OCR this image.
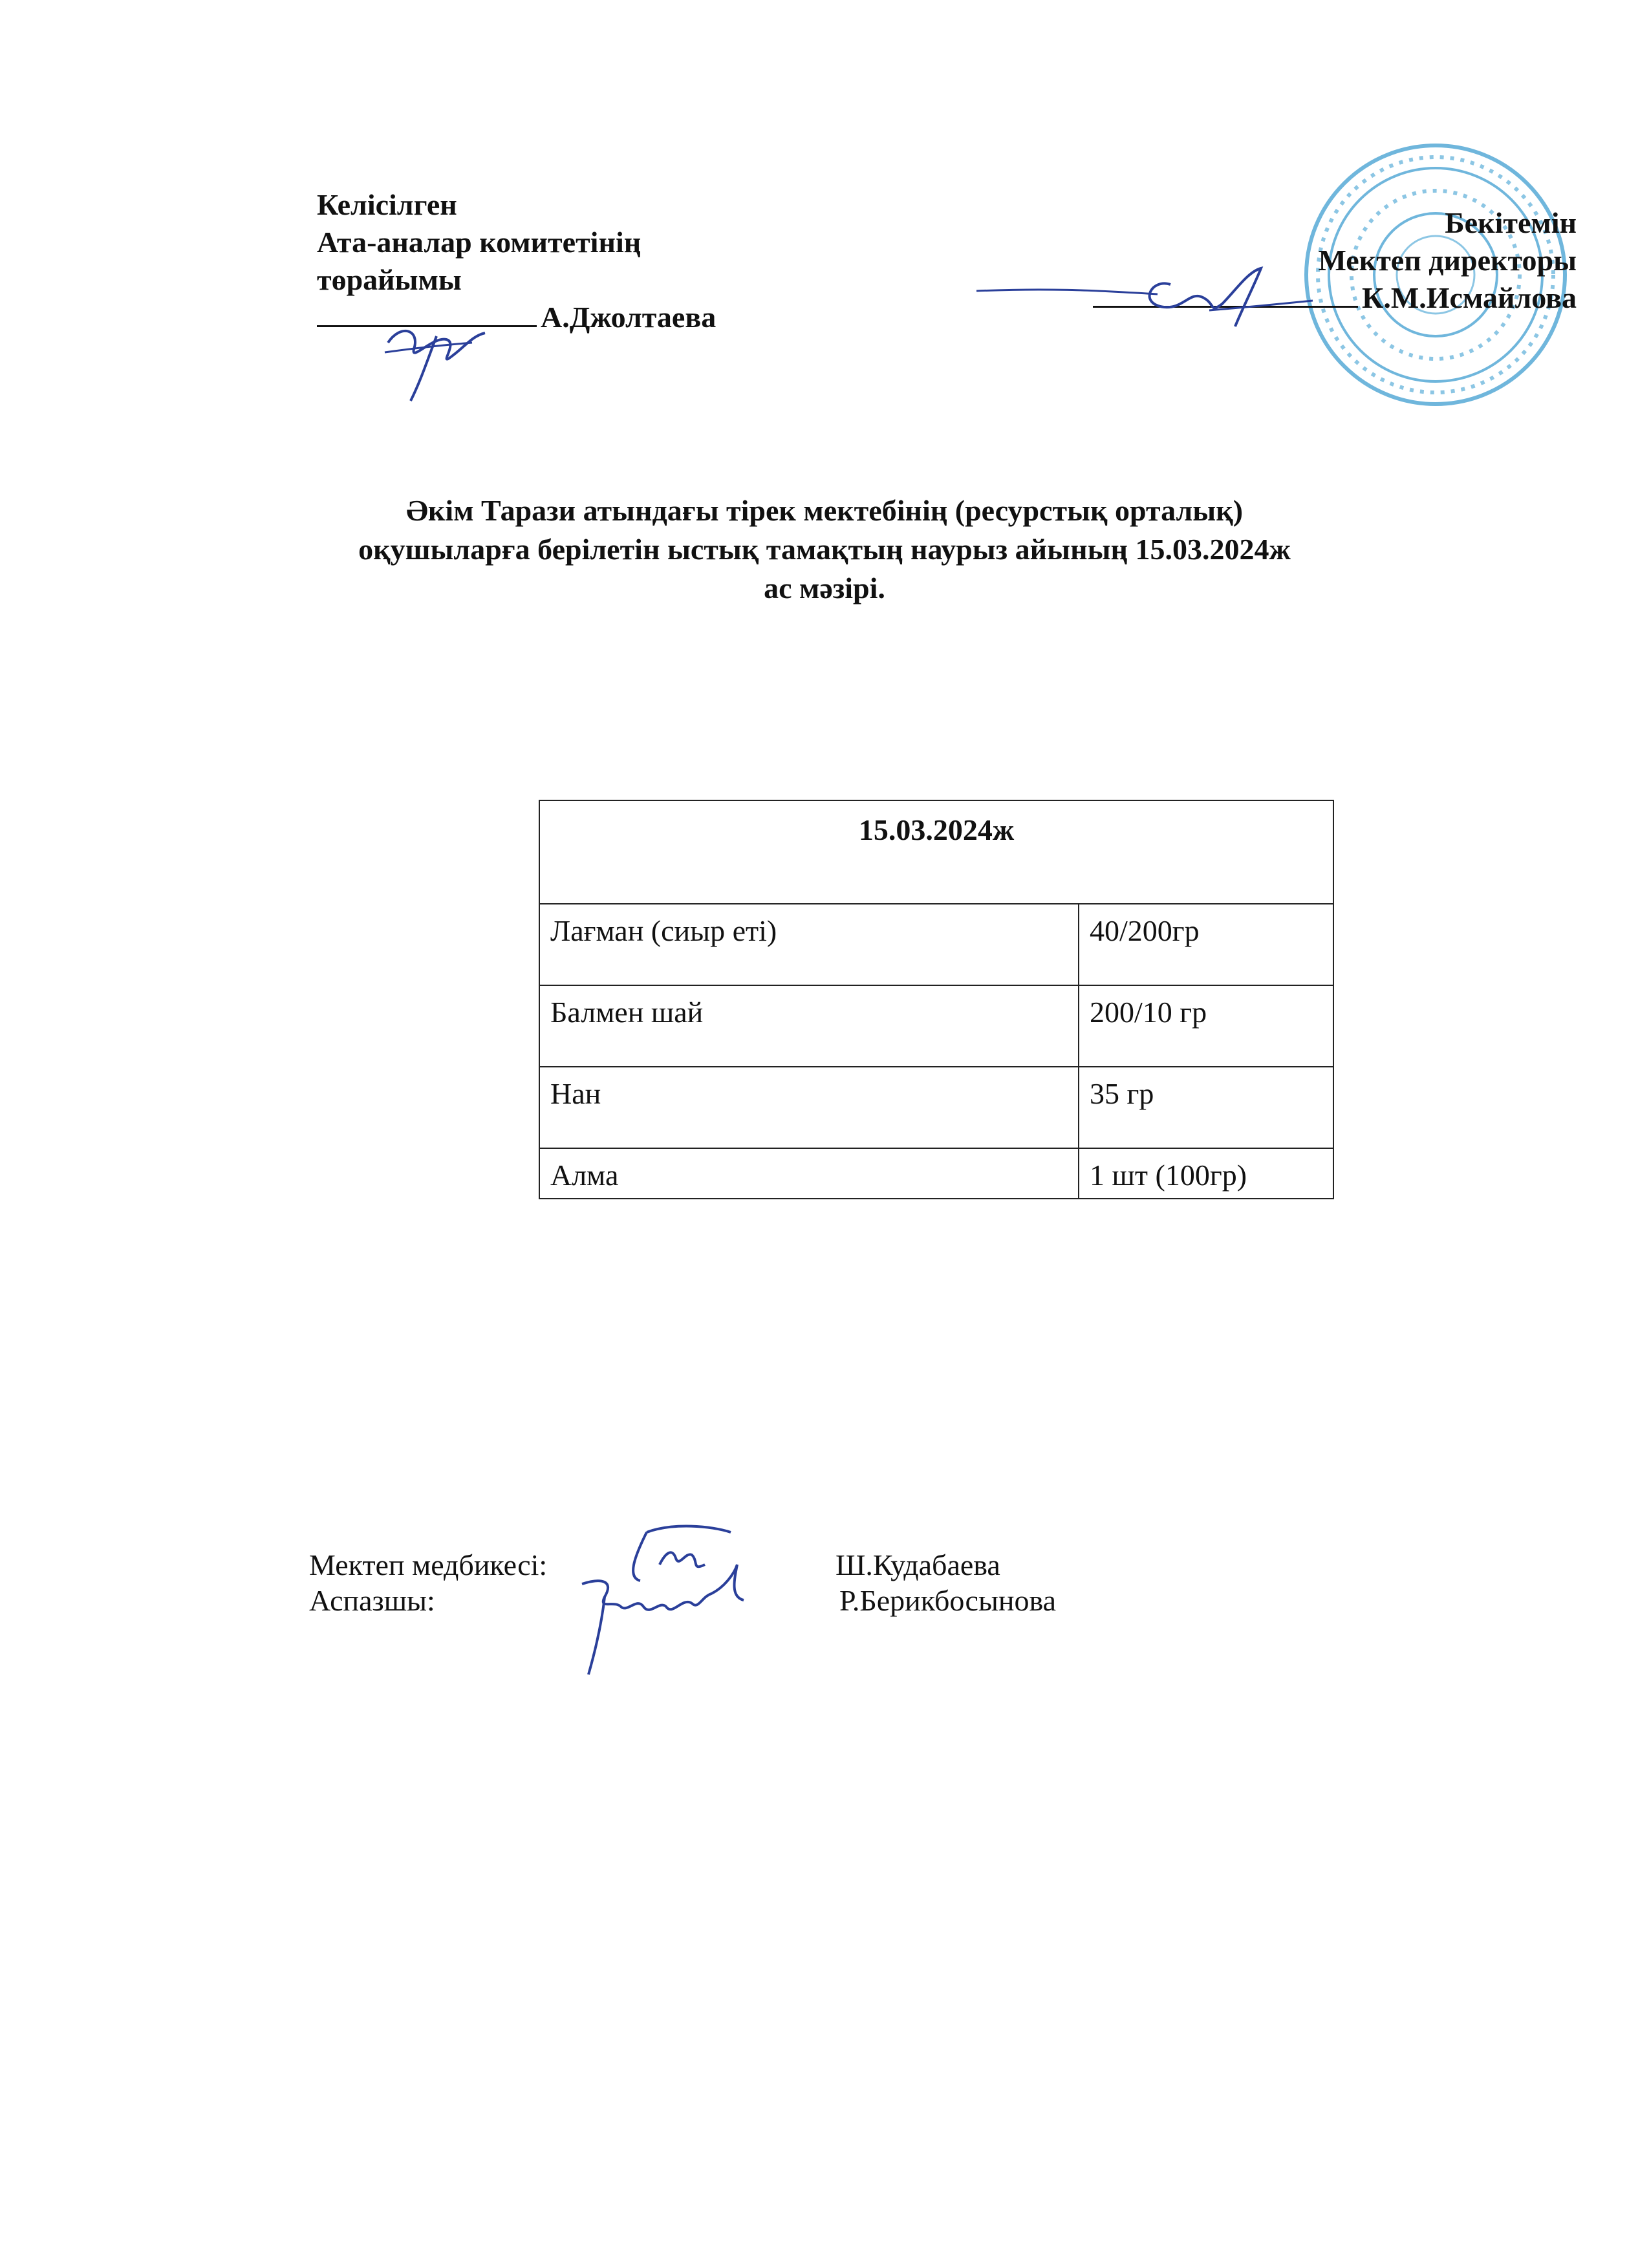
Келісілген
Ата-аналар комитетінің
төрайымы
А.Джолтаева
Бекітемін
Мектеп директоры
К.М.Исмайлова
Әкім Тарази атындағы тірек мектебінің (ресурстық орталық)
оқушыларға берілетін ыстық тамақтың наурыз айының 15.03.2024ж
ас мәзірі.
15.03.2024ж	
Лағман (сиыр еті)	40/200гр
Балмен шай	200/10 гр
Нан	35 гр
Алма	1 шт (100гр)
Мектеп медбикесі:	Ш.Кудабаева
Аспазшы:	Р.Берикбосынова
